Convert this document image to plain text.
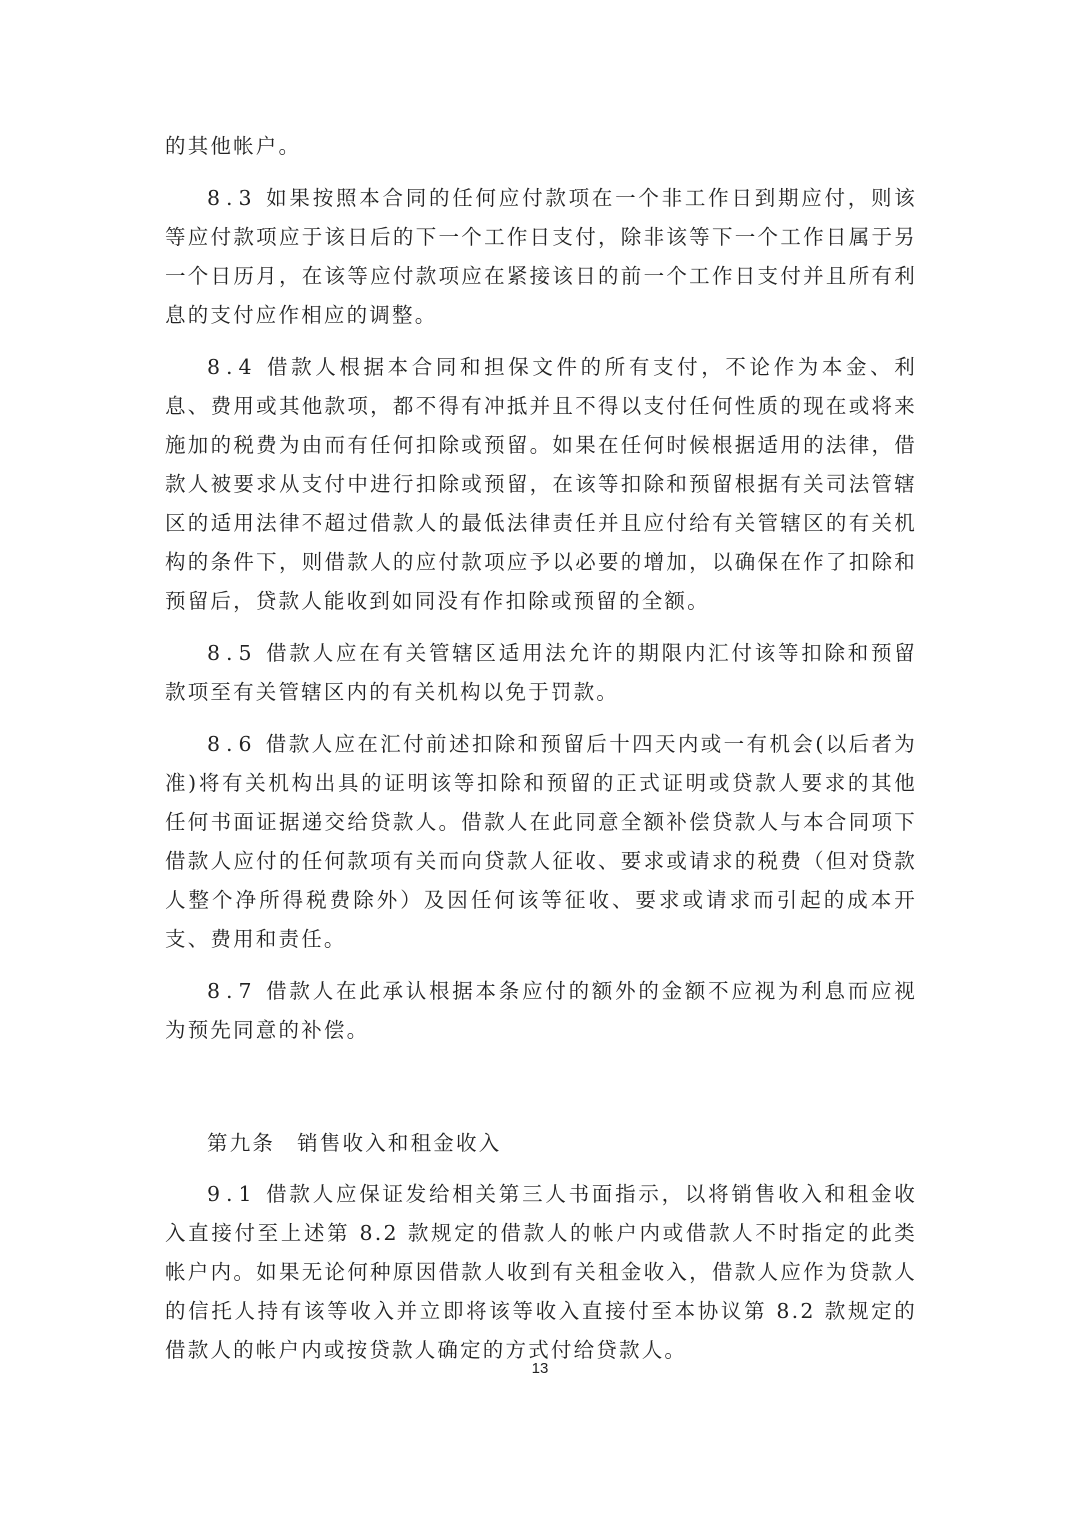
的其他帐户。

8.3 如果按照本合同的任何应付款项在一个非工作日到期应付，则该等应付款项应于该日后的下一个工作日支付，除非该等下一个工作日属于另一个日历月，在该等应付款项应在紧接该日的前一个工作日支付并且所有利息的支付应作相应的调整。

8.4 借款人根据本合同和担保文件的所有支付，不论作为本金、利息、费用或其他款项，都不得有冲抵并且不得以支付任何性质的现在或将来施加的税费为由而有任何扣除或预留。如果在任何时候根据适用的法律，借款人被要求从支付中进行扣除或预留，在该等扣除和预留根据有关司法管辖区的适用法律不超过借款人的最低法律责任并且应付给有关管辖区的有关机构的条件下，则借款人的应付款项应予以必要的增加，以确保在作了扣除和预留后，贷款人能收到如同没有作扣除或预留的全额。

8.5 借款人应在有关管辖区适用法允许的期限内汇付该等扣除和预留款项至有关管辖区内的有关机构以免于罚款。

8.6 借款人应在汇付前述扣除和预留后十四天内或一有机会(以后者为准)将有关机构出具的证明该等扣除和预留的正式证明或贷款人要求的其他任何书面证据递交给贷款人。借款人在此同意全额补偿贷款人与本合同项下借款人应付的任何款项有关而向贷款人征收、要求或请求的税费（但对贷款人整个净所得税费除外）及因任何该等征收、要求或请求而引起的成本开支、费用和责任。

8.7 借款人在此承认根据本条应付的额外的金额不应视为利息而应视为预先同意的补偿。

第九条 销售收入和租金收入

9.1 借款人应保证发给相关第三人书面指示，以将销售收入和租金收入直接付至上述第 8.2 款规定的借款人的帐户内或借款人不时指定的此类帐户内。如果无论何种原因借款人收到有关租金收入，借款人应作为贷款人的信托人持有该等收入并立即将该等收入直接付至本协议第 8.2 款规定的借款人的帐户内或按贷款人确定的方式付给贷款人。

13
